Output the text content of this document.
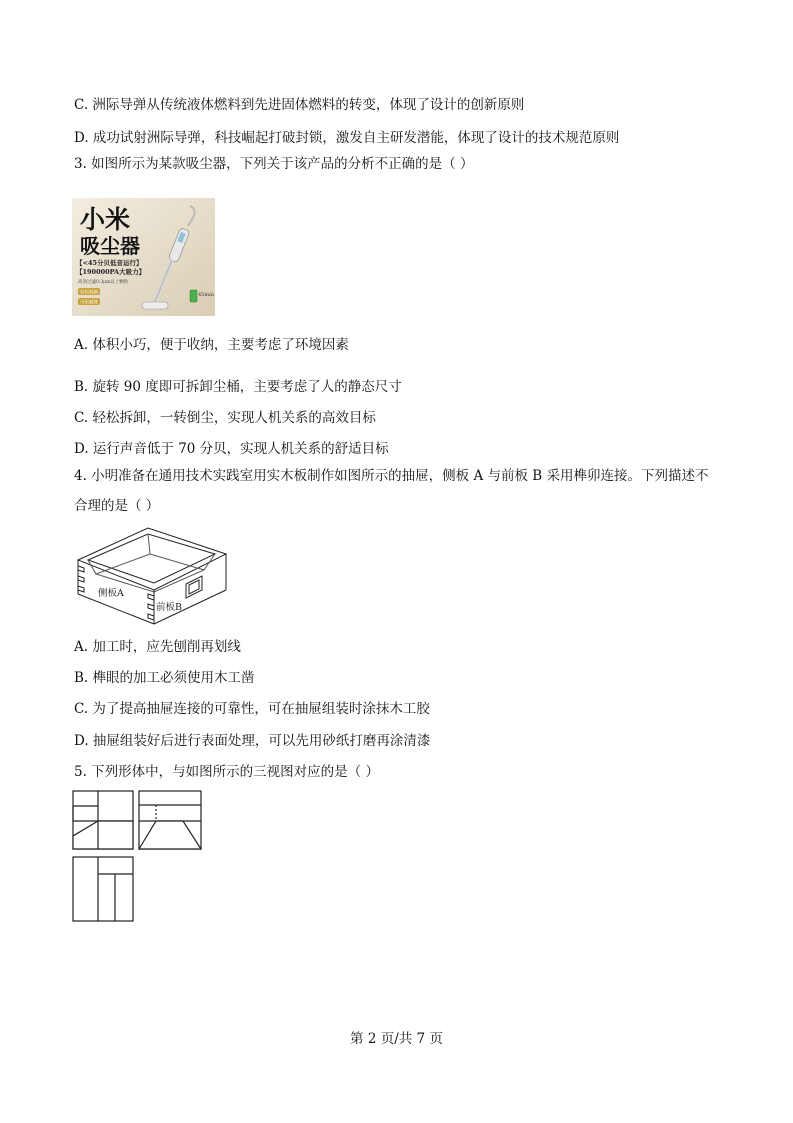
C. 洲际导弹从传统液体燃料到先进固体燃料的转变，体现了设计的创新原则
D. 成功试射洲际导弹，科技崛起打破封锁，激发自主研发潜能，体现了设计的技术规范原则
3. 如图所示为某款吸尘器，下列关于该产品的分析不正确的是（ ）
小米
吸尘器
【<45分贝低音运行】
【190000PA大吸力】
高效过滤0.3μm以上颗粒
轻松拆卸
可机械臂
45min
A. 体积小巧，便于收纳，主要考虑了环境因素
B. 旋转 90 度即可拆卸尘桶，主要考虑了人的静态尺寸
C. 轻松拆卸，一转倒尘，实现人机关系的高效目标
D. 运行声音低于 70 分贝，实现人机关系的舒适目标
4. 小明准备在通用技术实践室用实木板制作如图所示的抽屉，侧板 A 与前板 B 采用榫卯连接。下列描述不
合理的是（ ）
侧板A
前板B
A. 加工时，应先刨削再划线
B. 榫眼的加工必须使用木工凿
C. 为了提高抽屉连接的可靠性，可在抽屉组装时涂抹木工胶
D. 抽屉组装好后进行表面处理，可以先用砂纸打磨再涂清漆
5. 下列形体中，与如图所示的三视图对应的是（ ）
第 2 页/共 7 页
